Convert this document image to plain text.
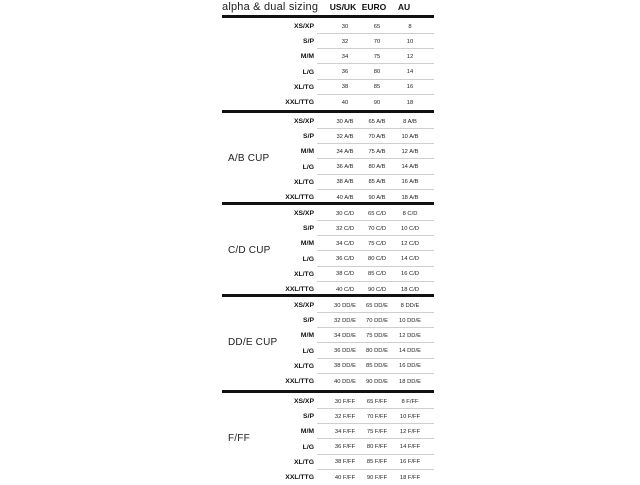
alpha & dual sizing	US/UK EURO	AU
XS/XP	30	65	8
S/P	32	70	10
M/M	34	75	12
L/G	36	80	14
XL/TG	38	85	16
XXL/TTG	40	90	18
A/B CUP
XS/XP	30 A/B	65 A/B	8 A/B
S/P	32 A/B	70 A/B	10 A/B
M/M	34 A/B	75 A/B	12 A/B
L/G	36 A/B	80 A/B	14 A/B
XL/TG	38 A/B	85 A/B	16 A/B
XXL/TTG	40 A/B	90 A/B	18 A/B
C/D CUP
XS/XP	30 C/D	65 C/D	8 C/D
S/P	32 C/D	70 C/D	10 C/D
M/M	34 C/D	75 C/D	12 C/D
L/G	36 C/D	80 C/D	14 C/D
XL/TG	38 C/D	85 C/D	16 C/D
XXL/TTG	40 C/D	90 C/D	18 C/D
DD/E CUP
XS/XP	30 DD/E	65 DD/E	8 DD/E
S/P	32 DD/E	70 DD/E	10 DD/E
M/M	34 DD/E	75 DD/E	12 DD/E
L/G	36 DD/E	80 DD/E	14 DD/E
XL/TG	38 DD/E	85 DD/E	16 DD/E
XXL/TTG	40 DD/E	90 DD/E	18 DD/E
F/FF
XS/XP	30 F/FF	65 F/FF	8 F/FF
S/P	32 F/FF	70 F/FF	10 F/FF
M/M	34 F/FF	75 F/FF	12 F/FF
L/G	36 F/FF	80 F/FF	14 F/FF
XL/TG	38 F/FF	85 F/FF	16 F/FF
XXL/TTG	40 F/FF	90 F/FF	18 F/FF
